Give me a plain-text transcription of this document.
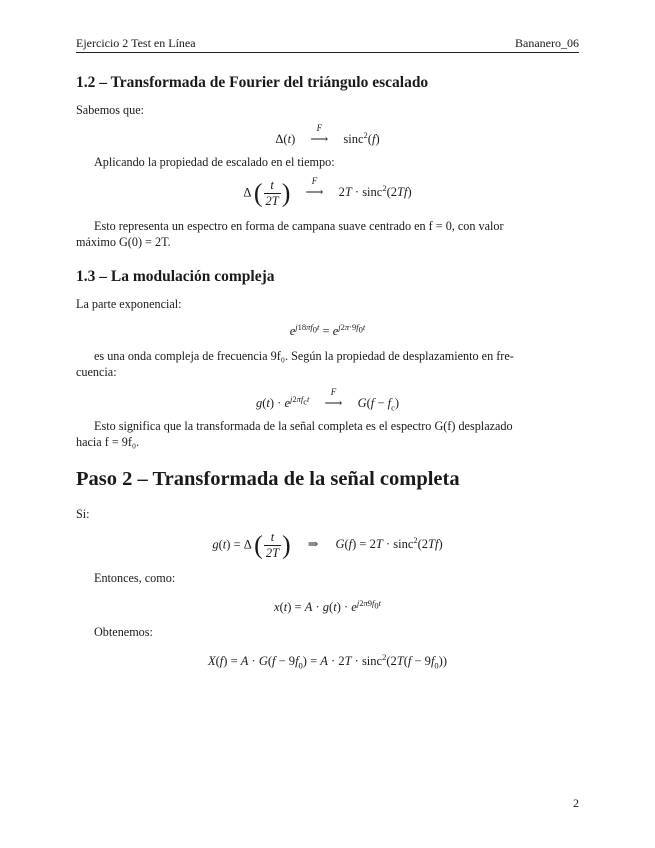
Ejercicio 2 Test en Línea	Bananero_06
1.2 – Transformada de Fourier del triángulo escalado
Sabemos que:
Δ(t)
F
⟶ sinc$^2$(f)
Aplicando la propiedad de escalado en el tiempo:
Δ ( $\frac{t}{2T}$ ) F
⟶ 2T · sinc$^2$(2Tf)
Esto representa un espectro en forma de campana suave centrado en f = 0, con valor
máximo G(0) = 2T.
1.3 – La modulación compleja
La parte exponencial:
$e^{j18\pi f_0t} = e^{j2\pi\cdot 9f_0t}$
es una onda compleja de frecuencia 9f₀. Según la propiedad de desplazamiento en fre-
cuencia:
$g(t) \cdot e^{j2\pi f_ct}$
F
⟶ $G(f - f_c)$
Esto significa que la transformada de la señal completa es el espectro G(f) desplazado
hacia f = 9f₀.
Paso 2 – Transformada de la señal completa
Si:
g(t) = Δ ( $\frac{t}{2T}$ ) ⇒ G(f) = 2T · sinc$^2$(2Tf)
Entonces, como:
$x(t) = A \cdot g(t) \cdot e^{j2\pi 9f_0t}$
Obtenemos:
$X(f) = A \cdot G(f - 9f_0) = A \cdot 2T \cdot \sin c^2(2T(f - 9f_0))$
2
